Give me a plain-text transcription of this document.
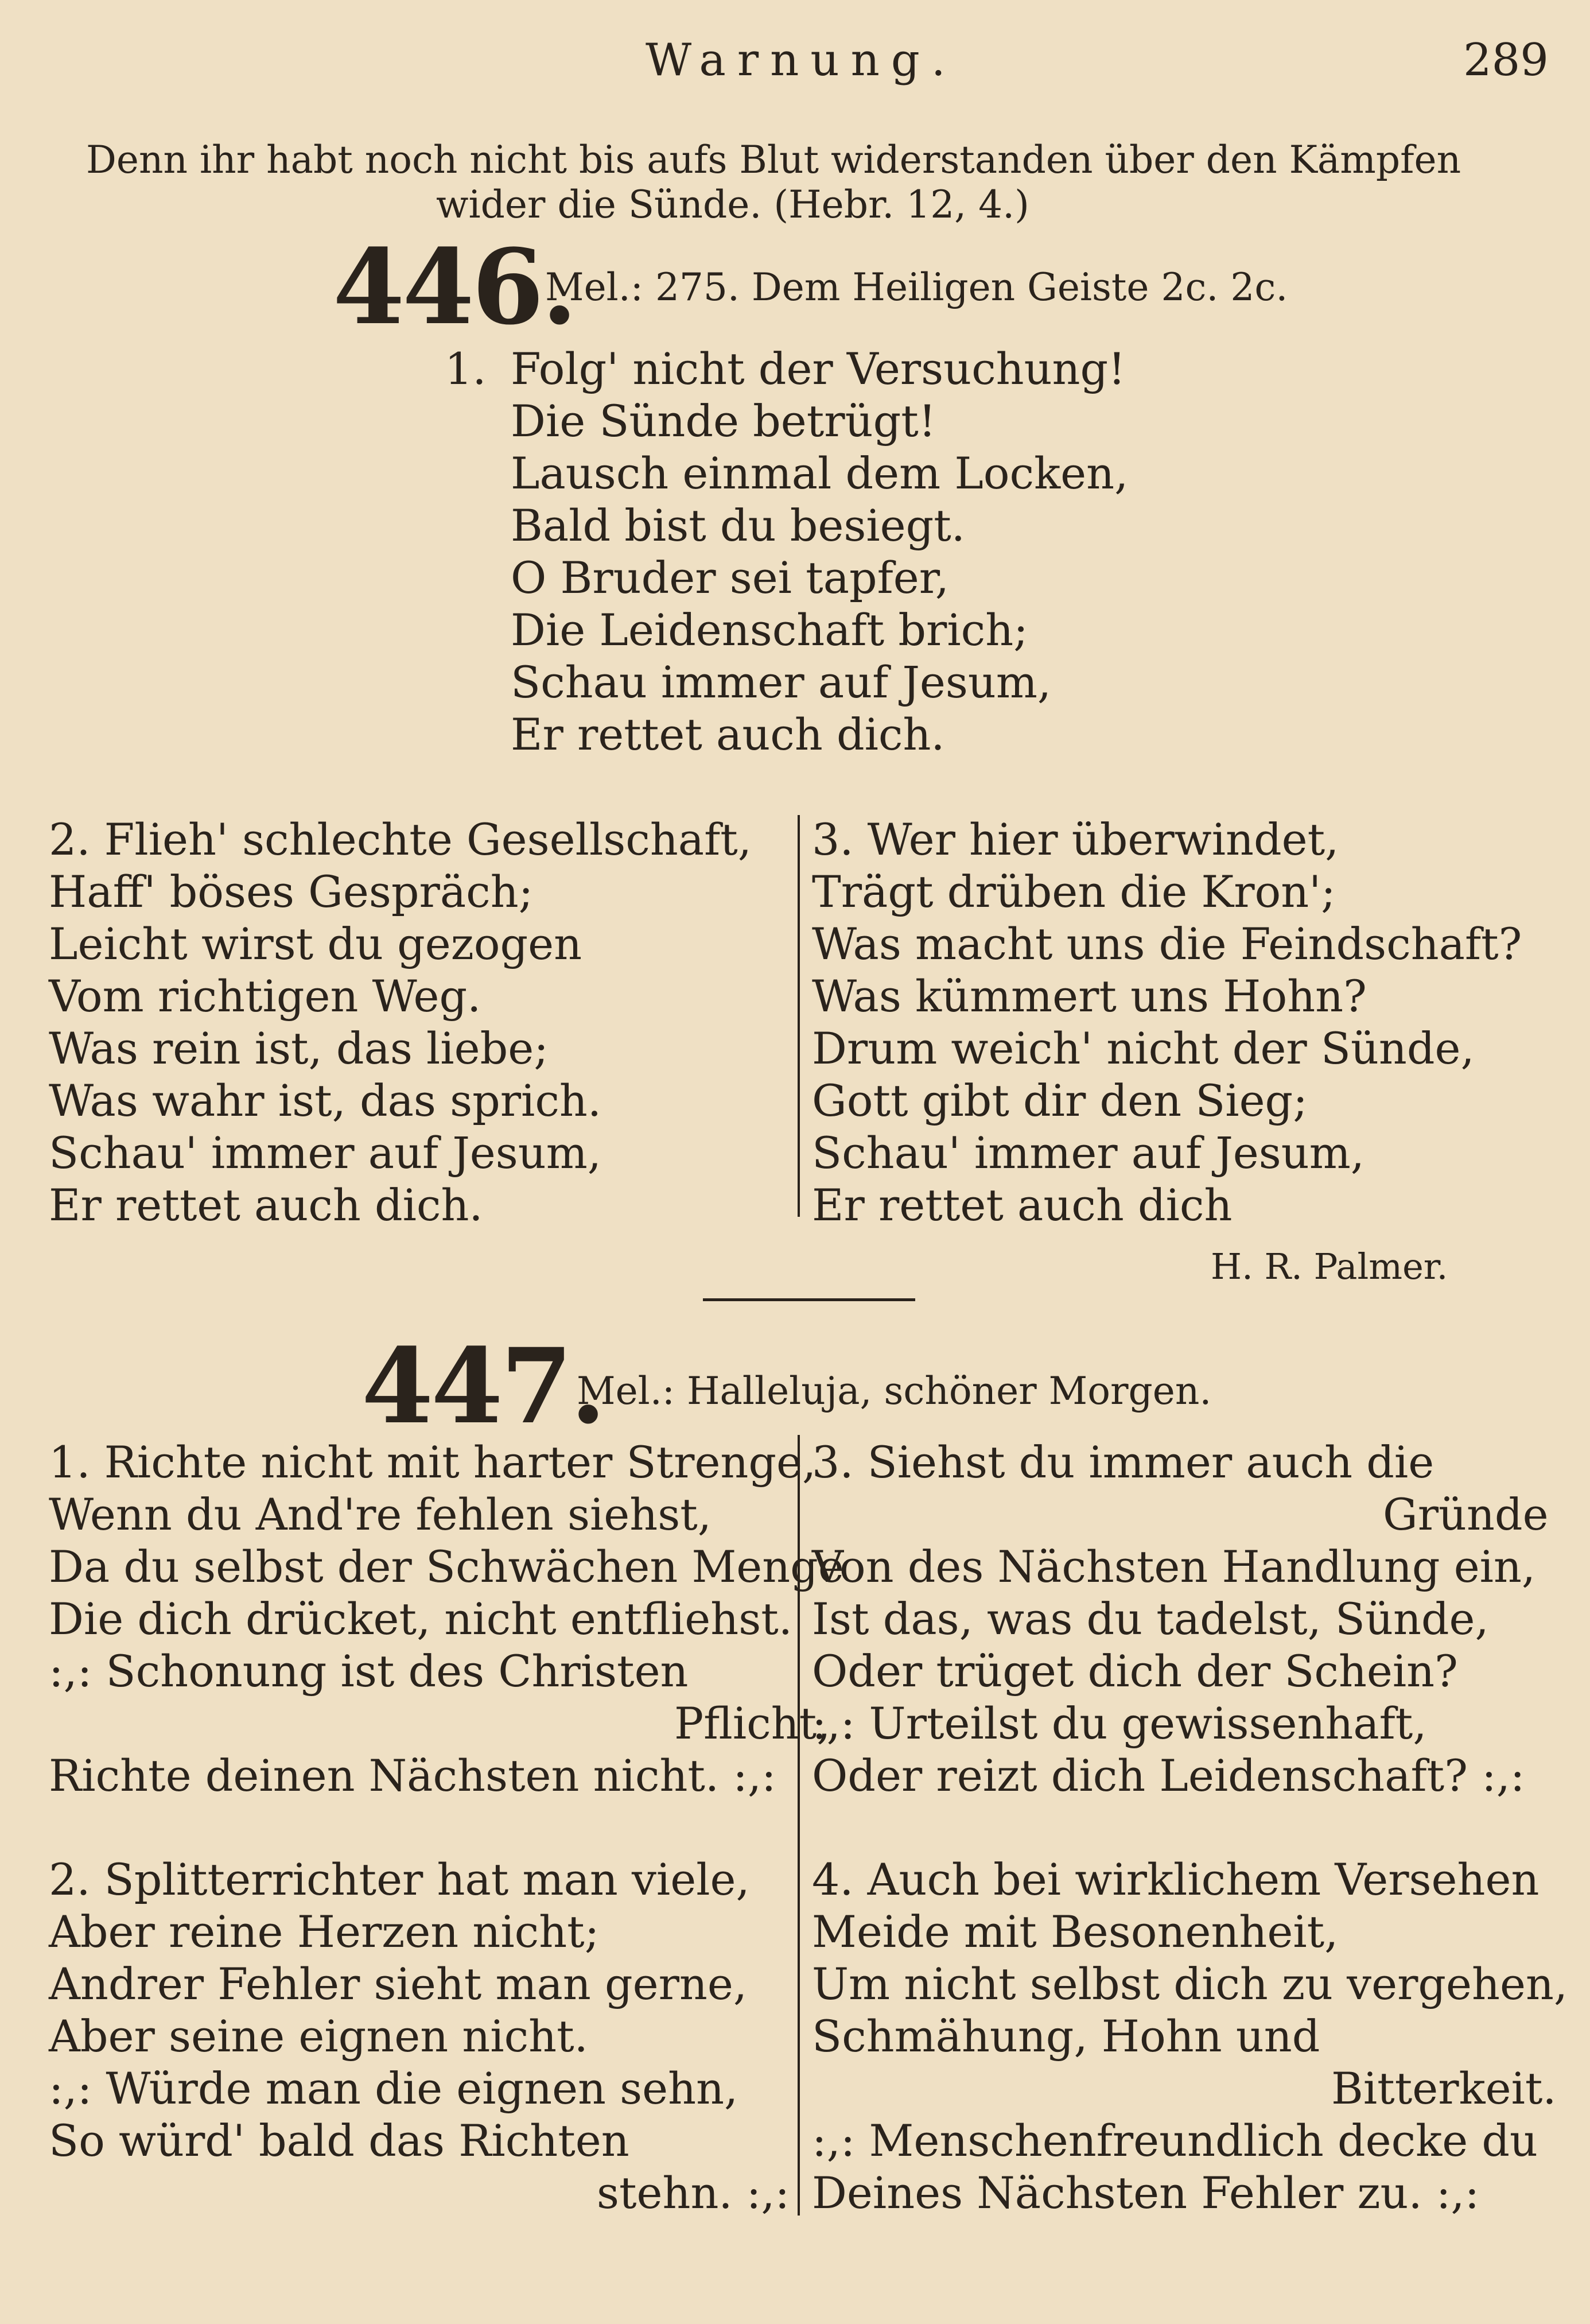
Warnung.	289
Denn ihr habt noch nicht bis aufs Blut widerstanden über den Kämpfen
wider die Sünde. (Hebr. 12, 4.)
446.
Mel.: 275. Dem Heiligen Geiste 2c. 2c.
1. Folg' nicht der Versuchung!
Die Sünde betrügt!
Lausch einmal dem Locken,
Bald bist du besiegt.
O Bruder sei tapfer,
Die Leidenschaft brich;
Schau immer auf Jesum,
Er rettet auch dich.
2. Flieh' schlechte Gesellschaft,
Haff' böses Gespräch;
Leicht wirst du gezogen
Vom richtigen Weg.
Was rein ist, das liebe;
Was wahr ist, das sprich.
Schau' immer auf Jesum,
Er rettet auch dich.
3. Wer hier überwindet,
Trägt drüben die Kron';
Was macht uns die Feindschaft?
Was kümmert uns Hohn?
Drum weich' nicht der Sünde,
Gott gibt dir den Sieg;
Schau' immer auf Jesum,
Er rettet auch dich
H. R. Palmer.
447.
Mel.: Halleluja, schöner Morgen.
1. Richte nicht mit harter Strenge,
Wenn du And're fehlen siehst,
Da du selbst der Schwächen Menge
Die dich drücket, nicht entfliehst.
:,: Schonung ist des Christen
Pflicht,
Richte deinen Nächsten nicht. :,:
3. Siehst du immer auch die
Gründe
Von des Nächsten Handlung ein,
Ist das, was du tadelst, Sünde,
Oder trüget dich der Schein?
:,: Urteilst du gewissenhaft,
Oder reizt dich Leidenschaft? :,:
2. Splitterrichter hat man viele,
Aber reine Herzen nicht;
Andrer Fehler sieht man gerne,
Aber seine eignen nicht.
:,: Würde man die eignen sehn,
So würd' bald das Richten
stehn. :,:
4. Auch bei wirklichem Versehen
Meide mit Besonenheit,
Um nicht selbst dich zu vergehen,
Schmähung, Hohn und
Bitterkeit.
:,: Menschenfreundlich decke du
Deines Nächsten Fehler zu. :,:
